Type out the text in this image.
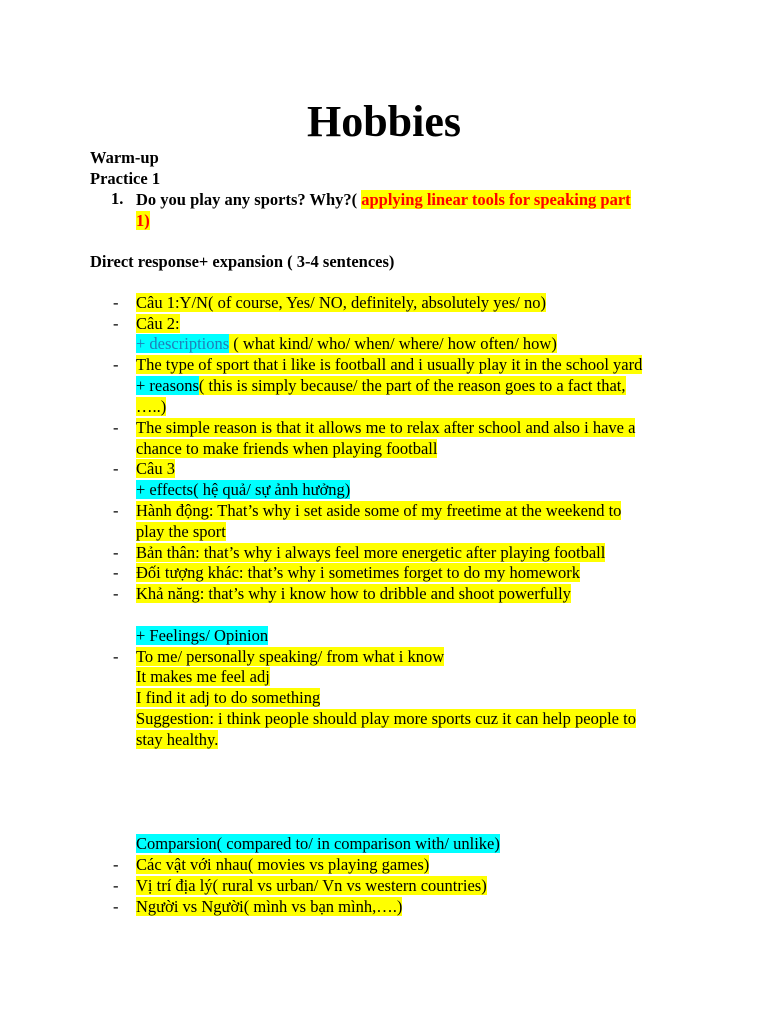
Hobbies
Warm-up
Practice 1
1. Do you play any sports? Why?( applying linear tools for speaking part
1)
Direct response+ expansion ( 3-4 sentences)
- Câu 1:Y/N( of course, Yes/ NO, definitely, absolutely yes/ no)
- Câu 2:
+ descriptions ( what kind/ who/ when/ where/ how often/ how)
- The type of sport that i like is football and i usually play it in the school yard
+ reasons( this is simply because/ the part of the reason goes to a fact that,
…..)
- The simple reason is that it allows me to relax after school and also i have a
chance to make friends when playing football
- Câu 3
+ effects( hệ quả/ sự ảnh hưởng)
- Hành động: That’s why i set aside some of my freetime at the weekend to
play the sport
- Bản thân: that’s why i always feel more energetic after playing football
- Đối tượng khác: that’s why i sometimes forget to do my homework
- Khả năng: that’s why i know how to dribble and shoot powerfully
+ Feelings/ Opinion
- To me/ personally speaking/ from what i know
It makes me feel adj
I find it adj to do something
Suggestion: i think people should play more sports cuz it can help people to
stay healthy.
Comparsion( compared to/ in comparison with/ unlike)
- Các vật với nhau( movies vs playing games)
- Vị trí địa lý( rural vs urban/ Vn vs western countries)
- Người vs Người( mình vs bạn mình,….)
